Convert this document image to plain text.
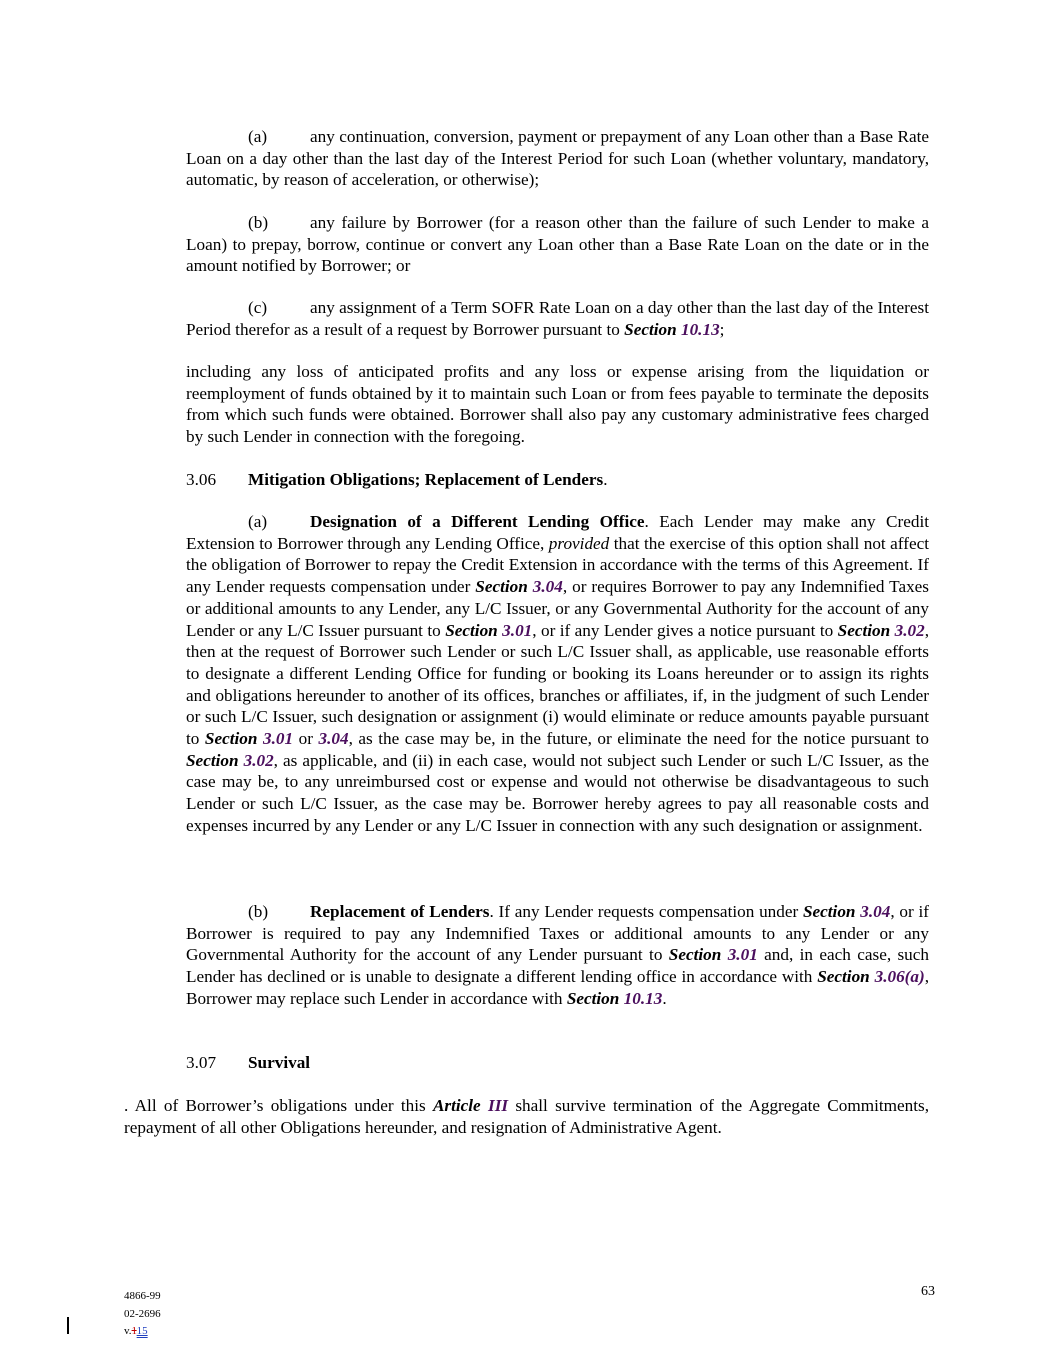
(a) any continuation, conversion, payment or prepayment of any Loan other than a Base Rate Loan on a day other than the last day of the Interest Period for such Loan (whether voluntary, mandatory, automatic, by reason of acceleration, or otherwise);

(b) any failure by Borrower (for a reason other than the failure of such Lender to make a Loan) to prepay, borrow, continue or convert any Loan other than a Base Rate Loan on the date or in the amount notified by Borrower; or

(c) any assignment of a Term SOFR Rate Loan on a day other than the last day of the Interest Period therefor as a result of a request by Borrower pursuant to Section 10.13;

including any loss of anticipated profits and any loss or expense arising from the liquidation or reemployment of funds obtained by it to maintain such Loan or from fees payable to terminate the deposits from which such funds were obtained. Borrower shall also pay any customary administrative fees charged by such Lender in connection with the foregoing.

3.06 Mitigation Obligations; Replacement of Lenders.

(a) Designation of a Different Lending Office. Each Lender may make any Credit Extension to Borrower through any Lending Office, provided that the exercise of this option shall not affect the obligation of Borrower to repay the Credit Extension in accordance with the terms of this Agreement. If any Lender requests compensation under Section 3.04, or requires Borrower to pay any Indemnified Taxes or additional amounts to any Lender, any L/C Issuer, or any Governmental Authority for the account of any Lender or any L/C Issuer pursuant to Section 3.01, or if any Lender gives a notice pursuant to Section 3.02, then at the request of Borrower such Lender or such L/C Issuer shall, as applicable, use reasonable efforts to designate a different Lending Office for funding or booking its Loans hereunder or to assign its rights and obligations hereunder to another of its offices, branches or affiliates, if, in the judgment of such Lender or such L/C Issuer, such designation or assignment (i) would eliminate or reduce amounts payable pursuant to Section 3.01 or 3.04, as the case may be, in the future, or eliminate the need for the notice pursuant to Section 3.02, as applicable, and (ii) in each case, would not subject such Lender or such L/C Issuer, as the case may be, to any unreimbursed cost or expense and would not otherwise be disadvantageous to such Lender or such L/C Issuer, as the case may be. Borrower hereby agrees to pay all reasonable costs and expenses incurred by any Lender or any L/C Issuer in connection with any such designation or assignment.

(b) Replacement of Lenders. If any Lender requests compensation under Section 3.04, or if Borrower is required to pay any Indemnified Taxes or additional amounts to any Lender or any Governmental Authority for the account of any Lender pursuant to Section 3.01 and, in each case, such Lender has declined or is unable to designate a different lending office in accordance with Section 3.06(a), Borrower may replace such Lender in accordance with Section 10.13.

3.07 Survival

. All of Borrower’s obligations under this Article III shall survive termination of the Aggregate Commitments, repayment of all other Obligations hereunder, and resignation of Administrative Agent.

4866-99
02-2696
v.115
63
